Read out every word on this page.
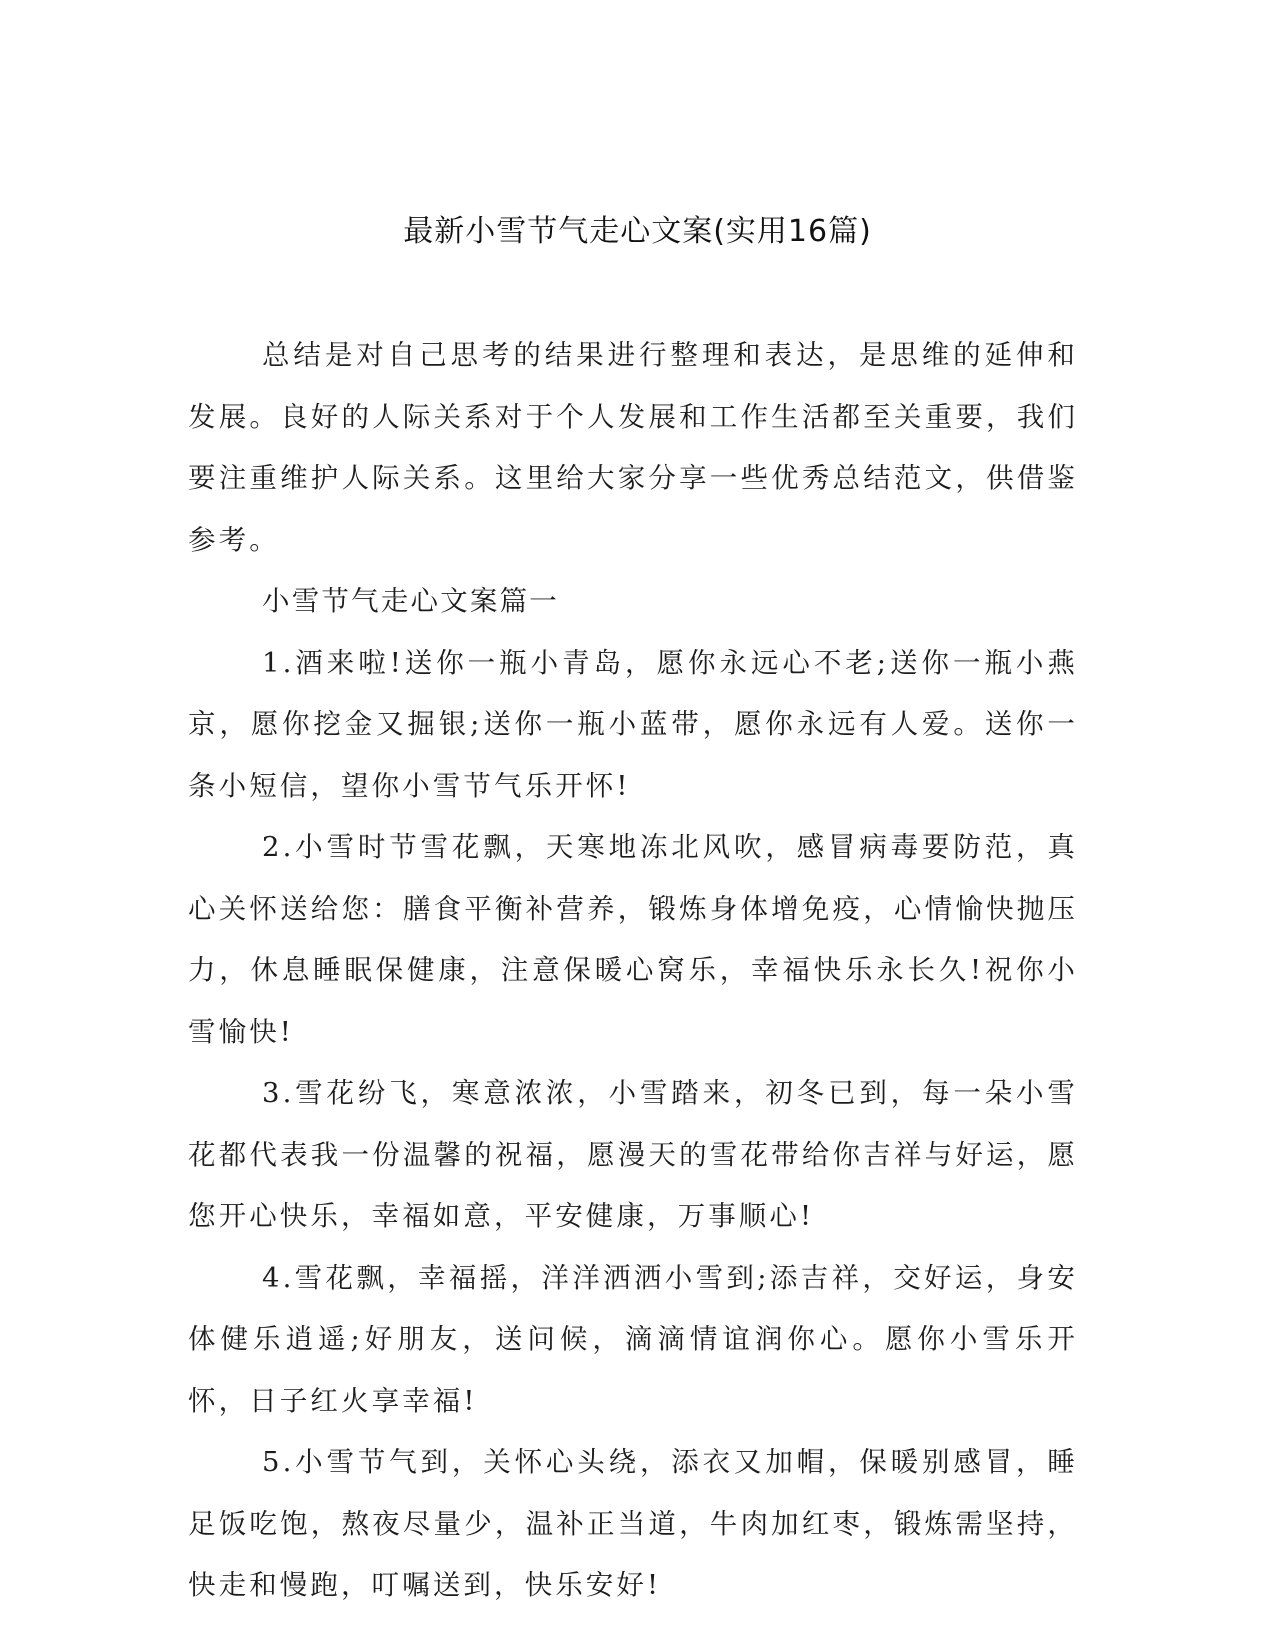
最新小雪节气走心文案(实用16篇)

总结是对自己思考的结果进行整理和表达，是思维的延伸和发展。良好的人际关系对于个人发展和工作生活都至关重要，我们要注重维护人际关系。这里给大家分享一些优秀总结范文，供借鉴参考。

小雪节气走心文案篇一

1.酒来啦!送你一瓶小青岛，愿你永远心不老;送你一瓶小燕京，愿你挖金又掘银;送你一瓶小蓝带，愿你永远有人爱。送你一条小短信，望你小雪节气乐开怀!

2.小雪时节雪花飘，天寒地冻北风吹，感冒病毒要防范，真心关怀送给您：膳食平衡补营养，锻炼身体增免疫，心情愉快抛压力，休息睡眠保健康，注意保暖心窝乐，幸福快乐永长久!祝你小雪愉快!

3.雪花纷飞，寒意浓浓，小雪踏来，初冬已到，每一朵小雪花都代表我一份温馨的祝福，愿漫天的雪花带给你吉祥与好运，愿您开心快乐，幸福如意，平安健康，万事顺心!

4.雪花飘，幸福摇，洋洋洒洒小雪到;添吉祥，交好运，身安体健乐逍遥;好朋友，送问候，滴滴情谊润你心。愿你小雪乐开怀，日子红火享幸福!

5.小雪节气到，关怀心头绕，添衣又加帽，保暖别感冒，睡足饭吃饱，熬夜尽量少，温补正当道，牛肉加红枣，锻炼需坚持，快走和慢跑，叮嘱送到，快乐安好!
